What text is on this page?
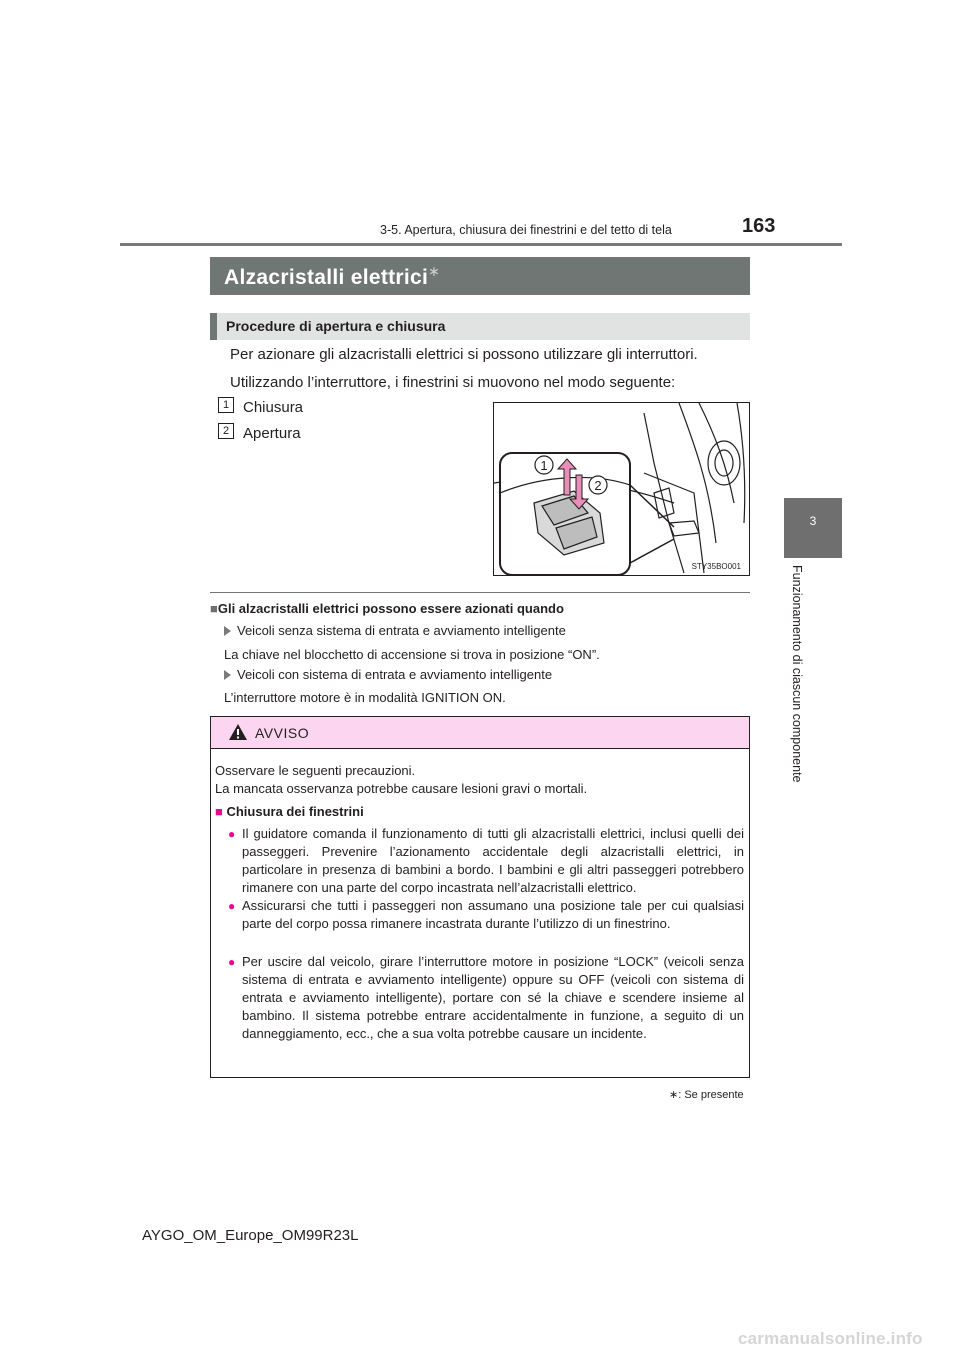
3-5. Apertura, chiusura dei finestrini e del tetto di tela	163
3
Funzionamento di ciascun componente
Alzacristalli elettrici∗
Procedure di apertura e chiusura
Per azionare gli alzacristalli elettrici si possono utilizzare gli interruttori.
Utilizzando l’interruttore, i finestrini si muovono nel modo seguente:
1 Chiusura
2 Apertura
1
2
STY35BO001
■Gli alzacristalli elettrici possono essere azionati quando
Veicoli senza sistema di entrata e avviamento intelligente
La chiave nel blocchetto di accensione si trova in posizione “ON”.
Veicoli con sistema di entrata e avviamento intelligente
L’interruttore motore è in modalità IGNITION ON.
AVVISO
Osservare le seguenti precauzioni.
La mancata osservanza potrebbe causare lesioni gravi o mortali.
■ Chiusura dei finestrini
● Il guidatore comanda il funzionamento di tutti gli alzacristalli elettrici, inclusi quelli dei passeggeri. Prevenire l’azionamento accidentale degli alzacristalli elettrici, in particolare in presenza di bambini a bordo. I bambini e gli altri passeggeri potrebbero rimanere con una parte del corpo incastrata nell’alzacristalli elettrico.
● Assicurarsi che tutti i passeggeri non assumano una posizione tale per cui qualsiasi parte del corpo possa rimanere incastrata durante l’utilizzo di un finestrino.
● Per uscire dal veicolo, girare l’interruttore motore in posizione “LOCK” (veicoli senza sistema di entrata e avviamento intelligente) oppure su OFF (veicoli con sistema di entrata e avviamento intelligente), portare con sé la chiave e scendere insieme al bambino. Il sistema potrebbe entrare accidentalmente in funzione, a seguito di un danneggiamento, ecc., che a sua volta potrebbe causare un incidente.
∗: Se presente
AYGO_OM_Europe_OM99R23L
carmanualsonline.info
